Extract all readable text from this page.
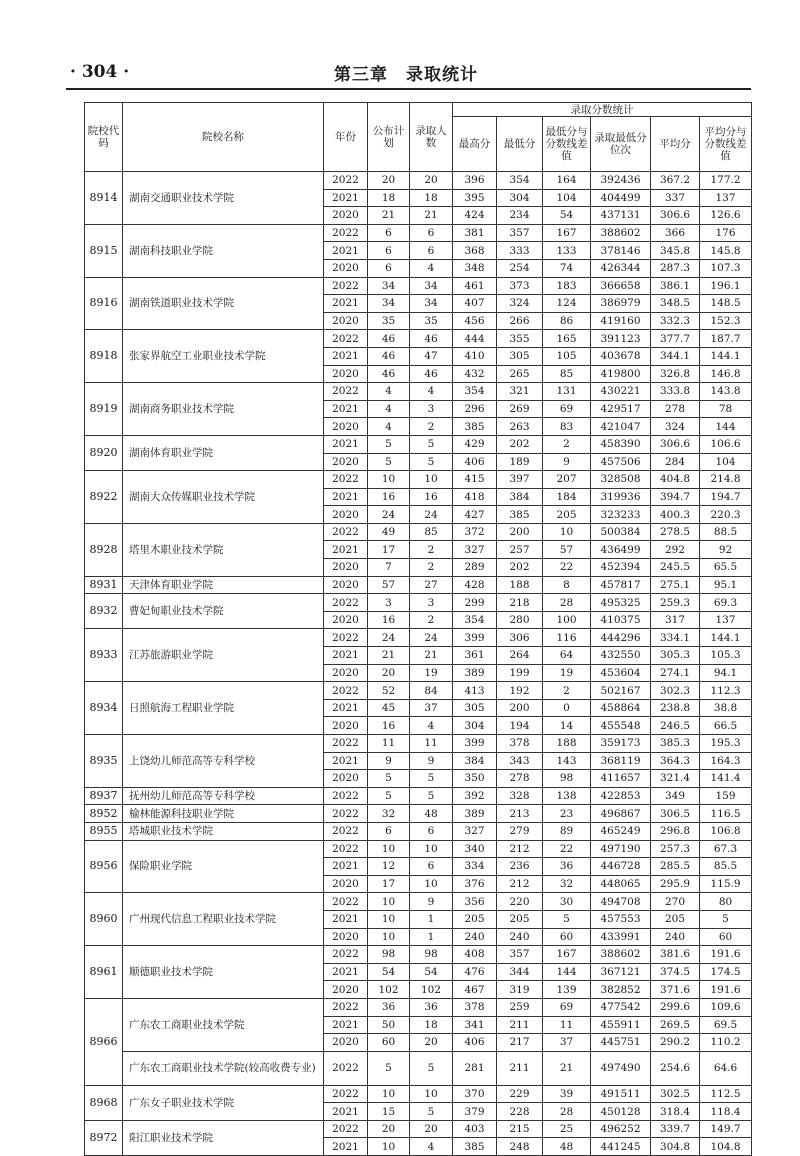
· 304 ·	第三章　录取统计
院校代码	院校名称	年份	公布计划	录取人数	录取分数统计					
					最高分	最低分	最低分与分数线差值	录取最低分位次	平均分	平均分与分数线差值
8914	湖南交通职业技术学院	2022	20	20	396	354	164	392436	367.2	177.2
		2021	18	18	395	304	104	404499	337	137
		2020	21	21	424	234	54	437131	306.6	126.6
8915	湖南科技职业学院	2022	6	6	381	357	167	388602	366	176
		2021	6	6	368	333	133	378146	345.8	145.8
		2020	6	4	348	254	74	426344	287.3	107.3
8916	湖南铁道职业技术学院	2022	34	34	461	373	183	366658	386.1	196.1
		2021	34	34	407	324	124	386979	348.5	148.5
		2020	35	35	456	266	86	419160	332.3	152.3
8918	张家界航空工业职业技术学院	2022	46	46	444	355	165	391123	377.7	187.7
		2021	46	47	410	305	105	403678	344.1	144.1
		2020	46	46	432	265	85	419800	326.8	146.8
8919	湖南商务职业技术学院	2022	4	4	354	321	131	430221	333.8	143.8
		2021	4	3	296	269	69	429517	278	78
		2020	4	2	385	263	83	421047	324	144
8920	湖南体育职业学院	2021	5	5	429	202	2	458390	306.6	106.6
		2020	5	5	406	189	9	457506	284	104
8922	湖南大众传媒职业技术学院	2022	10	10	415	397	207	328508	404.8	214.8
		2021	16	16	418	384	184	319936	394.7	194.7
		2020	24	24	427	385	205	323233	400.3	220.3
8928	塔里木职业技术学院	2022	49	85	372	200	10	500384	278.5	88.5
		2021	17	2	327	257	57	436499	292	92
		2020	7	2	289	202	22	452394	245.5	65.5
8931	天津体育职业学院	2020	57	27	428	188	8	457817	275.1	95.1
8932	曹妃甸职业技术学院	2022	3	3	299	218	28	495325	259.3	69.3
		2020	16	2	354	280	100	410375	317	137
8933	江苏旅游职业学院	2022	24	24	399	306	116	444296	334.1	144.1
		2021	21	21	361	264	64	432550	305.3	105.3
		2020	20	19	389	199	19	453604	274.1	94.1
8934	日照航海工程职业学院	2022	52	84	413	192	2	502167	302.3	112.3
		2021	45	37	305	200	0	458864	238.8	38.8
		2020	16	4	304	194	14	455548	246.5	66.5
8935	上饶幼儿师范高等专科学校	2022	11	11	399	378	188	359173	385.3	195.3
		2021	9	9	384	343	143	368119	364.3	164.3
		2020	5	5	350	278	98	411657	321.4	141.4
8937	抚州幼儿师范高等专科学校	2022	5	5	392	328	138	422853	349	159
8952	榆林能源科技职业学院	2022	32	48	389	213	23	496867	306.5	116.5
8955	塔城职业技术学院	2022	6	6	327	279	89	465249	296.8	106.8
8956	保险职业学院	2022	10	10	340	212	22	497190	257.3	67.3
		2021	12	6	334	236	36	446728	285.5	85.5
		2020	17	10	376	212	32	448065	295.9	115.9
8960	广州现代信息工程职业技术学院	2022	10	9	356	220	30	494708	270	80
		2021	10	1	205	205	5	457553	205	5
		2020	10	1	240	240	60	433991	240	60
8961	顺德职业技术学院	2022	98	98	408	357	167	388602	381.6	191.6
		2021	54	54	476	344	144	367121	374.5	174.5
		2020	102	102	467	319	139	382852	371.6	191.6
8966	广东农工商职业技术学院	2022	36	36	378	259	69	477542	299.6	109.6
		2021	50	18	341	211	11	455911	269.5	69.5
		2020	60	20	406	217	37	445751	290.2	110.2
	广东农工商职业技术学院(较高收费专业)	2022	5	5	281	211	21	497490	254.6	64.6
8968	广东女子职业技术学院	2022	10	10	370	229	39	491511	302.5	112.5
		2021	15	5	379	228	28	450128	318.4	118.4
8972	阳江职业技术学院	2022	20	20	403	215	25	496252	339.7	149.7
		2021	10	4	385	248	48	441245	304.8	104.8
